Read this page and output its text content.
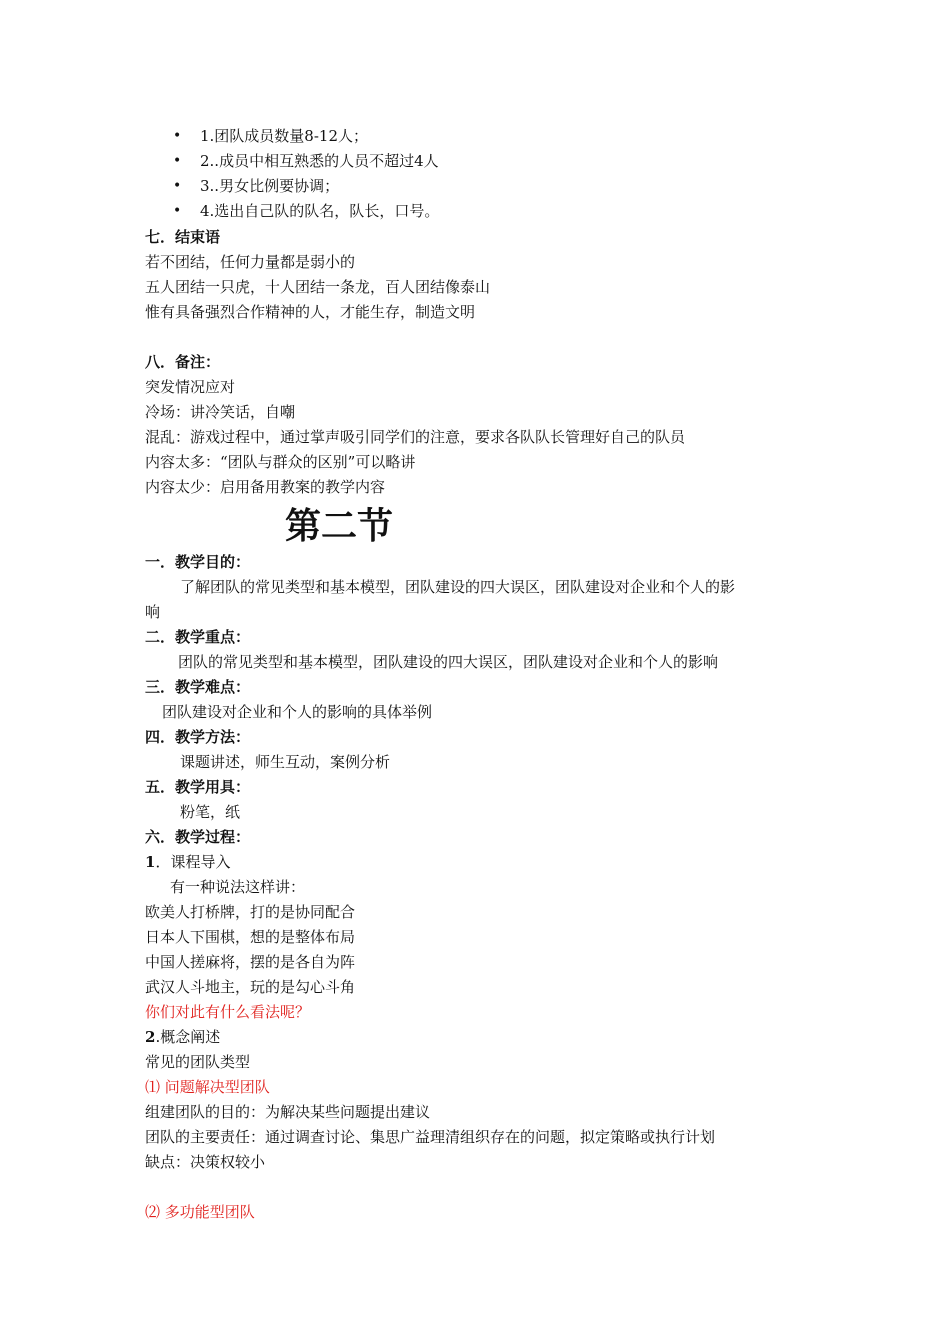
• 1.团队成员数量8-12人；
• 2..成员中相互熟悉的人员不超过4人
• 3..男女比例要协调；
• 4.选出自己队的队名，队长，口号。
七．结束语
若不团结，任何力量都是弱小的
五人团结一只虎，十人团结一条龙，百人团结像泰山
惟有具备强烈合作精神的人，才能生存，制造文明
八．备注：
突发情况应对
冷场：讲冷笑话，自嘲
混乱：游戏过程中，通过掌声吸引同学们的注意，要求各队队长管理好自己的队员
内容太多：“团队与群众的区别”可以略讲
内容太少：启用备用教案的教学内容
第二节
一．教学目的：
了解团队的常见类型和基本模型，团队建设的四大误区，团队建设对企业和个人的影
响
二．教学重点：
团队的常见类型和基本模型，团队建设的四大误区，团队建设对企业和个人的影响
三．教学难点：
团队建设对企业和个人的影响的具体举例
四．教学方法：
课题讲述，师生互动，案例分析
五．教学用具：
粉笔，纸
六．教学过程：
1．课程导入
有一种说法这样讲：
欧美人打桥牌，打的是协同配合
日本人下围棋，想的是整体布局
中国人搓麻将，摆的是各自为阵
武汉人斗地主，玩的是勾心斗角
你们对此有什么看法呢？
2.概念阐述
常见的团队类型
⑴ 问题解决型团队
组建团队的目的：为解决某些问题提出建议
团队的主要责任：通过调查讨论、集思广益理清组织存在的问题，拟定策略或执行计划
缺点：决策权较小
⑵ 多功能型团队
